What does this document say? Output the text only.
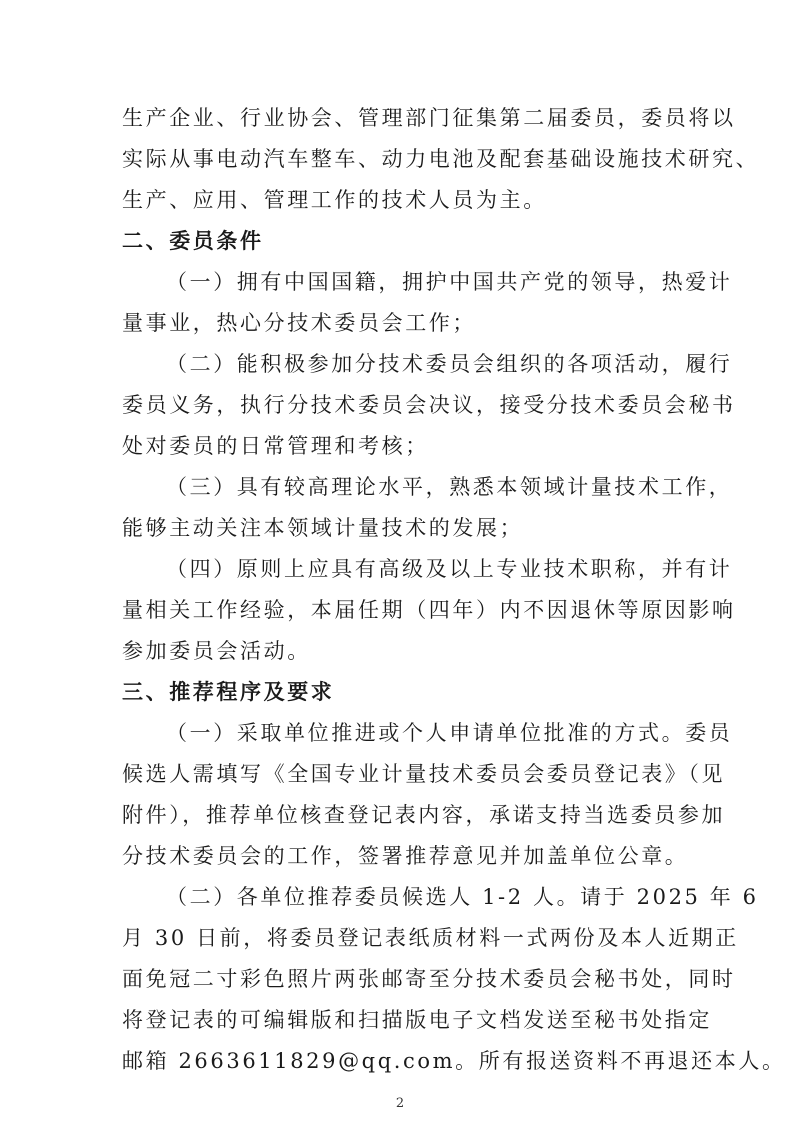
生产企业、行业协会、管理部门征集第二届委员，委员将以
实际从事电动汽车整车、动力电池及配套基础设施技术研究、
生产、应用、管理工作的技术人员为主。
二、委员条件
（一）拥有中国国籍，拥护中国共产党的领导，热爱计
量事业，热心分技术委员会工作；
（二）能积极参加分技术委员会组织的各项活动，履行
委员义务，执行分技术委员会决议，接受分技术委员会秘书
处对委员的日常管理和考核；
（三）具有较高理论水平，熟悉本领域计量技术工作，
能够主动关注本领域计量技术的发展；
（四）原则上应具有高级及以上专业技术职称，并有计
量相关工作经验，本届任期（四年）内不因退休等原因影响
参加委员会活动。
三、推荐程序及要求
（一）采取单位推进或个人申请单位批准的方式。委员
候选人需填写《全国专业计量技术委员会委员登记表》（见
附件），推荐单位核查登记表内容，承诺支持当选委员参加
分技术委员会的工作，签署推荐意见并加盖单位公章。
（二）各单位推荐委员候选人 1-2 人。请于 2025 年 6
月 30 日前，将委员登记表纸质材料一式两份及本人近期正
面免冠二寸彩色照片两张邮寄至分技术委员会秘书处，同时
将登记表的可编辑版和扫描版电子文档发送至秘书处指定
邮箱 2663611829@qq.com。所有报送资料不再退还本人。
2
